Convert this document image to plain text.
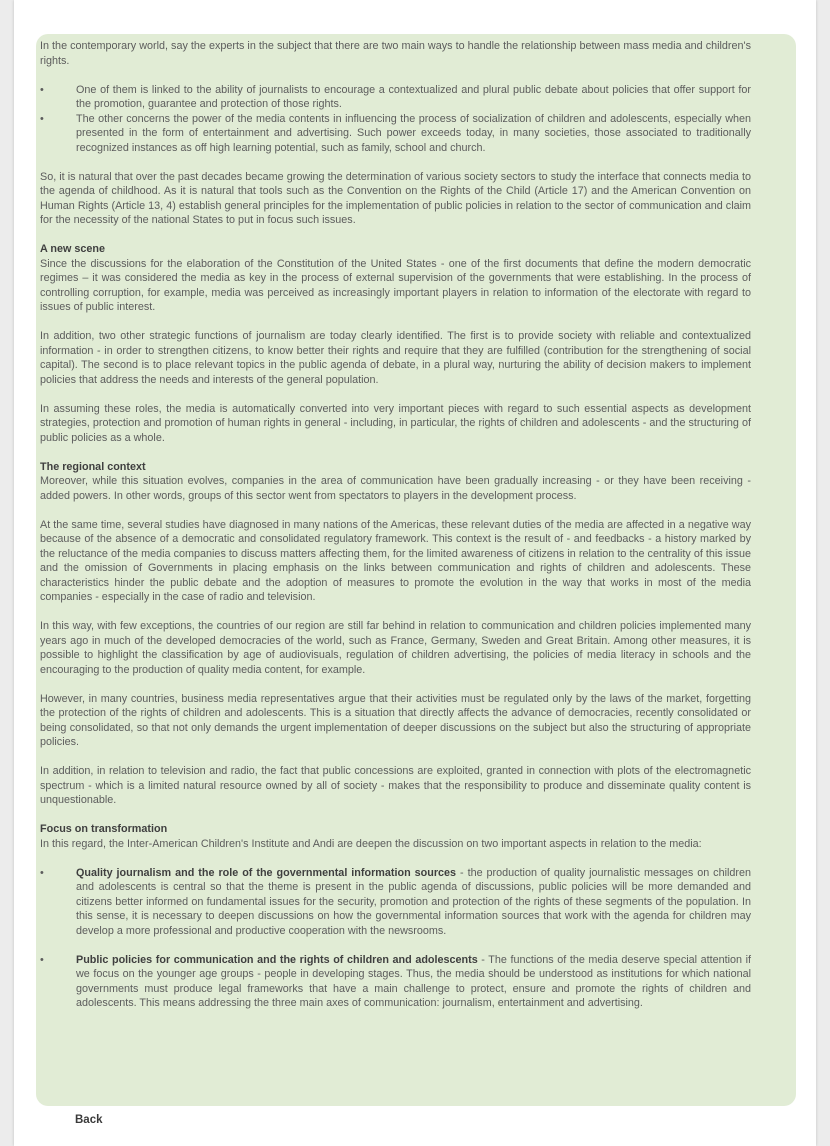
In the contemporary world, say the experts in the subject that there are two main ways to handle the relationship between mass media and children's rights.

•	One of them is linked to the ability of journalists to encourage a contextualized and plural public debate about policies that offer support for the promotion, guarantee and protection of those rights.
•	The other concerns the power of the media contents in influencing the process of socialization of children and adolescents, especially when presented in the form of entertainment and advertising. Such power exceeds today, in many societies, those associated to traditionally recognized instances as off high learning potential, such as family, school and church.

So, it is natural that over the past decades became growing the determination of various society sectors to study the interface that connects media to the agenda of childhood. As it is natural that tools such as the Convention on the Rights of the Child (Article 17) and the American Convention on Human Rights (Article 13, 4) establish general principles for the implementation of public policies in relation to the sector of communication and claim for the necessity of the national States to put in focus such issues.

A new scene

Since the discussions for the elaboration of the Constitution of the United States - one of the first documents that define the modern democratic regimes – it was considered the media as key in the process of external supervision of the governments that were establishing. In the process of controlling corruption, for example, media was perceived as increasingly important players in relation to information of the electorate with regard to issues of public interest.

In addition, two other strategic functions of journalism are today clearly identified. The first is to provide society with reliable and contextualized information - in order to strengthen citizens, to know better their rights and require that they are fulfilled (contribution for the strengthening of social capital). The second is to place relevant topics in the public agenda of debate, in a plural way, nurturing the ability of decision makers to implement policies that address the needs and interests of the general population.

In assuming these roles, the media is automatically converted into very important pieces with regard to such essential aspects as development strategies, protection and promotion of human rights in general - including, in particular, the rights of children and adolescents - and the structuring of public policies as a whole.

The regional context

Moreover, while this situation evolves, companies in the area of communication have been gradually increasing - or they have been receiving - added powers. In other words, groups of this sector went from spectators to players in the development process.

At the same time, several studies have diagnosed in many nations of the Americas, these relevant duties of the media are affected in a negative way because of the absence of a democratic and consolidated regulatory framework. This context is the result of - and feedbacks - a history marked by the reluctance of the media companies to discuss matters affecting them, for the limited awareness of citizens in relation to the centrality of this issue and the omission of Governments in placing emphasis on the links between communication and rights of children and adolescents. These characteristics hinder the public debate and the adoption of measures to promote the evolution in the way that works in most of the media companies - especially in the case of radio and television.

In this way, with few exceptions, the countries of our region are still far behind in relation to communication and children policies implemented many years ago in much of the developed democracies of the world, such as France, Germany, Sweden and Great Britain. Among other measures, it is possible to highlight the classification by age of audiovisuals, regulation of children advertising, the policies of media literacy in schools and the encouraging to the production of quality media content, for example.

However, in many countries, business media representatives argue that their activities must be regulated only by the laws of the market, forgetting the protection of the rights of children and adolescents. This is a situation that directly affects the advance of democracies, recently consolidated or being consolidated, so that not only demands the urgent implementation of deeper discussions on the subject but also the structuring of appropriate policies.

In addition, in relation to television and radio, the fact that public concessions are exploited, granted in connection with plots of the electromagnetic spectrum - which is a limited natural resource owned by all of society - makes that the responsibility to produce and disseminate quality content is unquestionable.

Focus on transformation

In this regard, the Inter-American Children's Institute and Andi are deepen the discussion on two important aspects in relation to the media:

•	Quality journalism and the role of the governmental information sources - the production of quality journalistic messages on children and adolescents is central so that the theme is present in the public agenda of discussions, public policies will be more demanded and citizens better informed on fundamental issues for the security, promotion and protection of the rights of these segments of the population. In this sense, it is necessary to deepen discussions on how the governmental information sources that work with the agenda for children may develop a more professional and productive cooperation with the newsrooms.
•	Public policies for communication and the rights of children and adolescents - The functions of the media deserve special attention if we focus on the younger age groups - people in developing stages. Thus, the media should be understood as institutions for which national governments must produce legal frameworks that have a main challenge to protect, ensure and promote the rights of children and adolescents. This means addressing the three main axes of communication: journalism, entertainment and advertising.
Back
